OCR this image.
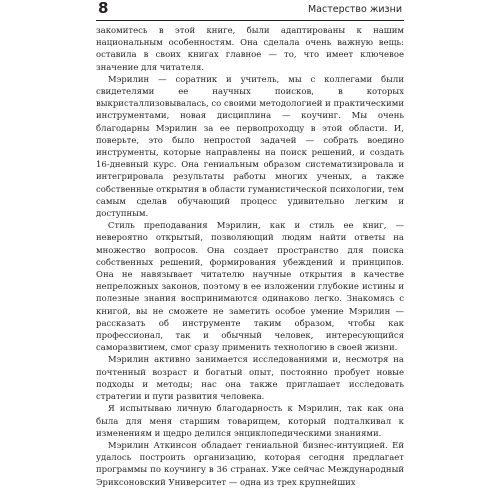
8	Мастерство жизни

закомитесь в этой книге, были адаптированы к нашим национальным особенностям. Она сделала очень важную вещь: оставила в своих книгах главное — то, что имеет ключевое значение для читателя.

Мэрилин — соратник и учитель, мы с коллегами были свидетелями ее научных поисков, в которых выкристаллизовывалась, со своими методологией и практическими инструментами, новая дисциплина — коучинг. Мы очень благодарны Мэрилин за ее первопроходцу в этой области. И, поверьте, это было непростой задачей — собрать воедино инструменты, которые направлены на поиск решений, и создать 16-дневный курс. Она гениальным образом систематизировала и интегрировала результаты работы многих ученых, а также собственные открытия в области гуманистической психологии, тем самым сделав обучающий процесс удивительно легким и доступным.

Стиль преподавания Мэрилин, как и стиль ее книг, — невероятно открытый, позволяющий людям найти ответы на множество вопросов. Она создает пространство для поиска собственных решений, формирования убеждений и принципов. Она не навязывает читателю научные открытия в качестве непреложных законов, поэтому в ее изложении глубокие истины и полезные знания воспринимаются одинаково легко. Знакомясь с книгой, вы не сможете не заметить особое умение Мэрилин — рассказать об инструменте таким образом, чтобы как профессионал, так и обычный человек, интересующийся саморазвитием, смог сразу применить технологию в своей жизни.

Мэрилин активно занимается исследованиями и, несмотря на почтенный возраст и богатый опыт, постоянно пробует новые подходы и методы; нас она также приглашает исследовать стратегии и пути развития человека.

Я испытываю личную благодарность к Мэрилин, так как она была для меня старшим товарищем, который подталкивал к изменениям и щедро делился энциклопедическими знаниями.

Мэрилин Аткинсон обладает гениальной бизнес-интуицией. Ей удалось построить организацию, которая сегодня предлагает программы по коучингу в 36 странах. Уже сейчас Международный Эриксоновский Университет — одна из трех крупнейших
